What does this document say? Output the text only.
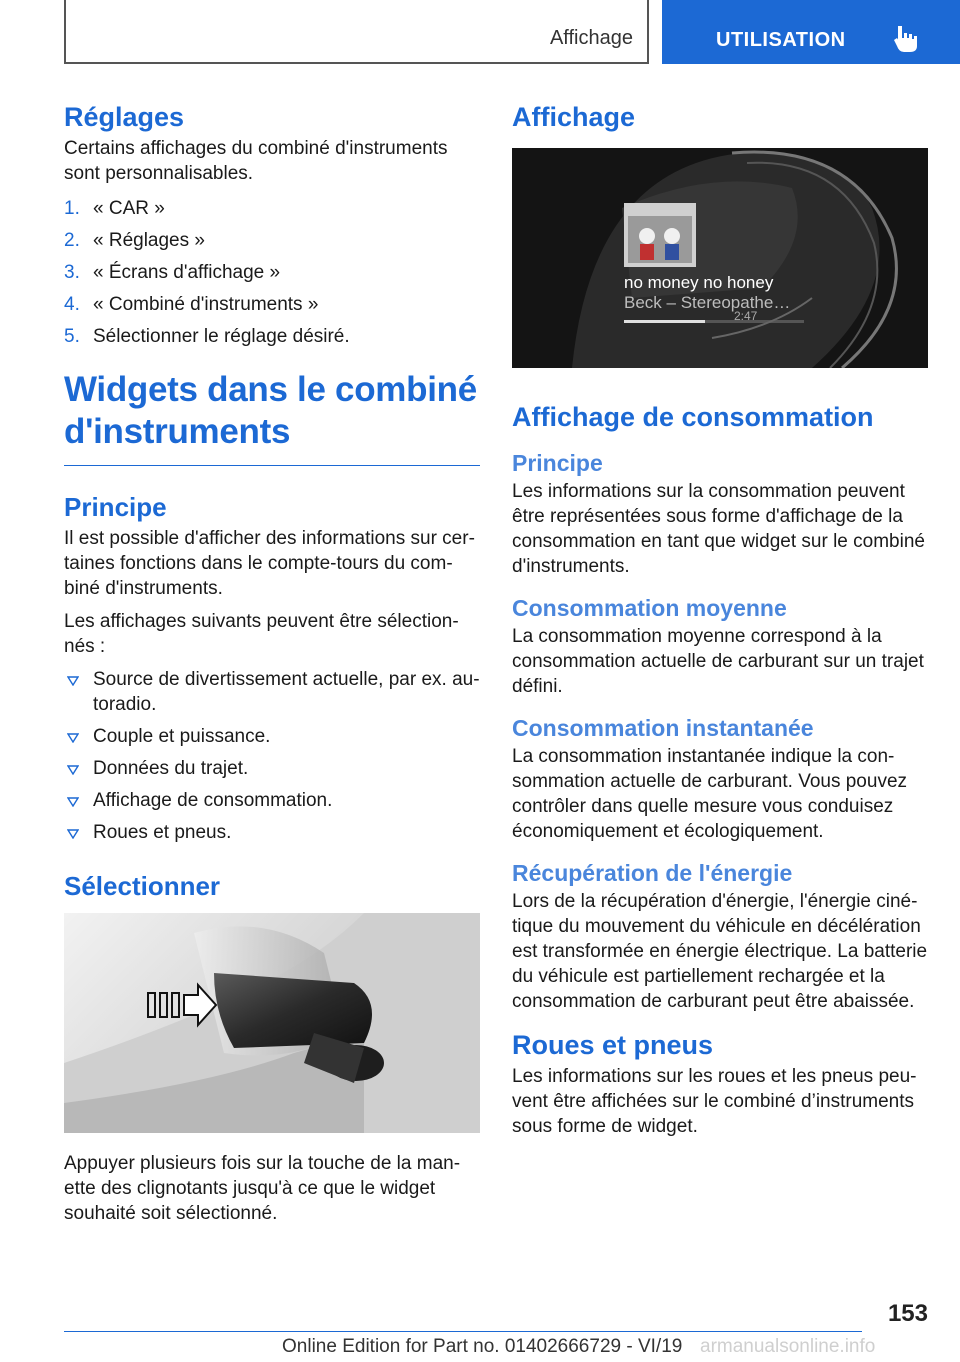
Affichage	UTILISATION
Réglages

Certains affichages du combiné d'instruments sont personnalisables.

1. « CAR »
2. « Réglages »
3. « Écrans d'affichage »
4. « Combiné d'instruments »
5. Sélectionner le réglage désiré.
Widgets dans le combiné d'instruments
Principe

Il est possible d'afficher des informations sur certaines fonctions dans le compte-tours du combiné d'instruments.

Les affichages suivants peuvent être sélectionnés :

Source de divertissement actuelle, par ex. autoradio.
Couple et puissance.
Données du trajet.
Affichage de consommation.
Roues et pneus.
Sélectionner

Appuyer plusieurs fois sur la touche de la manette des clignotants jusqu'à ce que le widget souhaité soit sélectionné.

Affichage
no money no honey
Beck – Stereopathe…
2:47
Affichage de consommation
Principe

Les informations sur la consommation peuvent être représentées sous forme d'affichage de la consommation en tant que widget sur le combiné d'instruments.

Consommation moyenne

La consommation moyenne correspond à la consommation actuelle de carburant sur un trajet défini.

Consommation instantanée

La consommation instantanée indique la consommation actuelle de carburant. Vous pouvez contrôler dans quelle mesure vous conduisez économiquement et écologiquement.

Récupération de l'énergie

Lors de la récupération d'énergie, l'énergie cinétique du mouvement du véhicule en décélération est transformée en énergie électrique. La batterie du véhicule est partiellement rechargée et la consommation de carburant peut être abaissée.

Roues et pneus

Les informations sur les roues et les pneus peuvent être affichées sur le combiné d’instruments sous forme de widget.

153
Online Edition for Part no. 01402666729 - VI/19 armanualsonline.info
